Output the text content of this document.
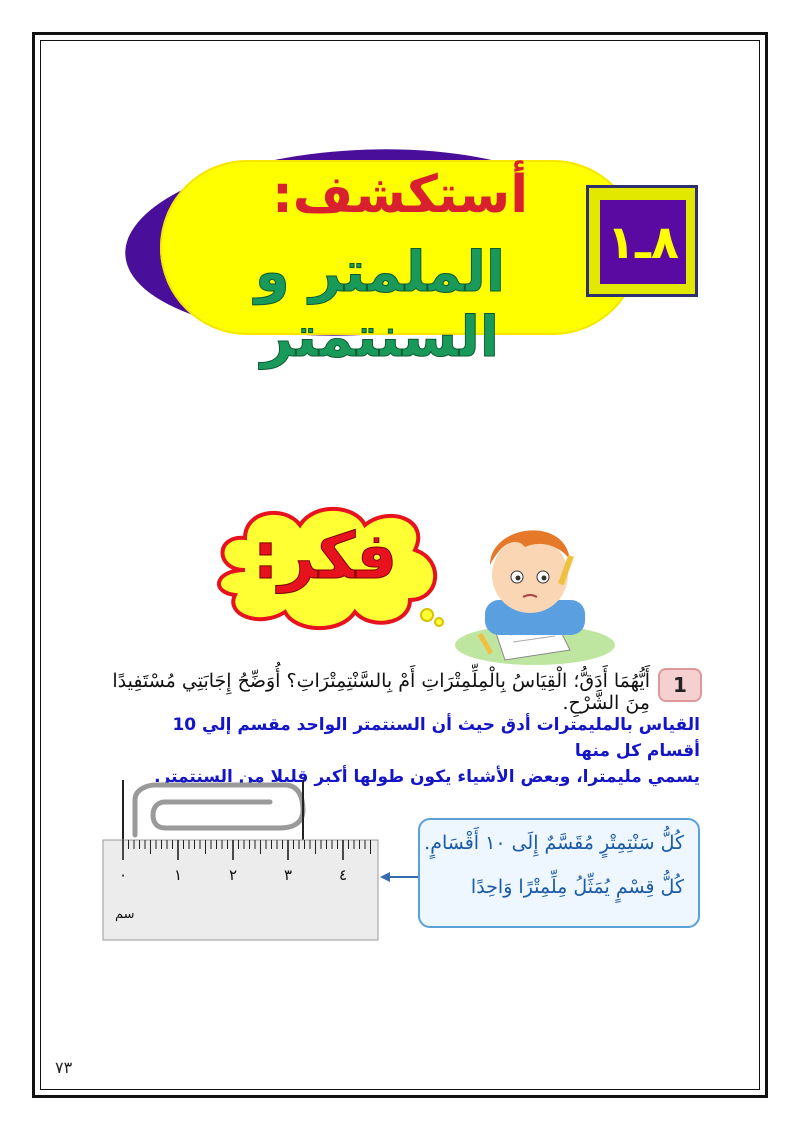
أستكشف:
الملمتر و السنتمتر
٨ـ١
فكر:
1
أَيُّهُمَا أَدَقُّ؛ الْقِيَاسُ بِالْمِلِّمِتْرَاتِ أَمْ بِالسَّنْتِمِتْرَاتِ؟ أُوَضِّحُ إِجَابَتِي مُسْتَفِيدًا مِنَ الشَّرْحِ.
القياس بالمليمترات أدق حيث أن السنتمتر الواحد مقسم إلي 10 أقسام كل منها
يسمي مليمترا، وبعض الأشياء يكون طولها أكبر قليلا من السنتمتر.
سم
٠	١	٢	٣	٤
كُلُّ سَنْتِمِتْرٍ مُقَسَّمٌ إِلَى ١٠ أَقْسَامٍ.
كُلُّ قِسْمٍ يُمَثِّلُ مِلِّمِتْرًا وَاحِدًا
٧٣
